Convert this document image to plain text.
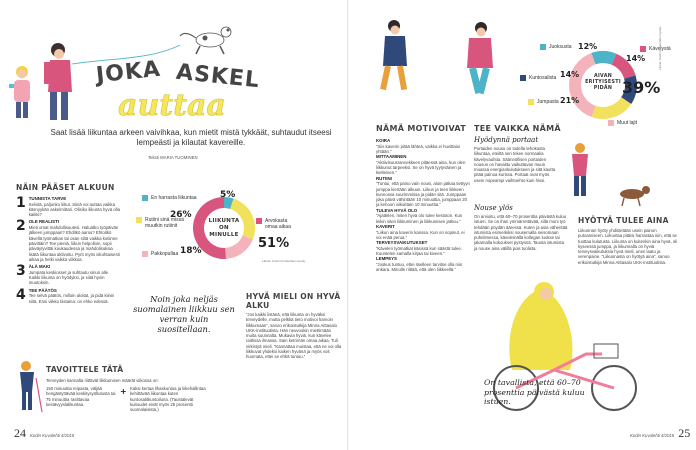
JOKA ASKEL
auttaa
Saat lisää liikuntaa arkeen vaivihkaa, kun mietit mistä tykkäät, suhtaudut itseesi lempeästi ja kilautat kavereille.
Teksti MARIA TUOMINEN
NÄIN PÄÄSET ALKUUN
1 TUNNISTA TARVE
Selvitä, paljonko liikut. Siinä voi auttaa vaikka käsnyykän askelmittari. Olisiko liikunta hyvä olla kaikki?
2 OLE REALISTI
Mieti omat mahdollisuutesi. Haluatko työpäivän jälkeen jumppaan? Ehditkö aamu? Ehtoitkö kävellä työmatkan tai osan siitä vaikka kotiinne päivittäin? Tee pieniä, liikun helpolloin, sopii päiväytyvittäi kuukaudessa ja mahdolisuksia lisätä liikuntaa aktivoitu. Pyrit myös iskohtaisesti aikaa ja hetki vaikka viikkoa.
3 ÄLÄ MAKI
Jumpata keskiosset ja suhtautu sinun alle. Kaikki liikunta on hyödyksi, ja siitä hyvin muutoksin.
4 TEE PÄÄTÖS
Tee selvä päätös, milloin aloitat, ja pidä kiinni siitä. Ensi viikko tiistaina: on ehko edessä.
En harrasta liikuntaa
Rutiini sinä missä muutkin rutiinit
Pakkopullaa
Arvokasta omaa aikaa
LIIKUNTA ON MINULLE
5%
26%
18%	51%
Lähde: Kodin Kuvalehden kysely
Noin joka neljäs suomalainen liikkuu sen verran kuin suositellaan.
HYVÄ MIELI ON HYVÄ ALKU
”Jos kaikki listänä, että liikunta on hyväksi terveydelle, mutta pelkkä tieto motivoi harvoin liikkumaan”, sanoo erikoistutkija Minna Aittasalo UKK-instituutista. Hän neuvookin miettimään muita suunnalta. Mukavia hyviä, kun kävelee raittissa ilmassa. Sain ketrimän omaa aikaa. Tuli virkistyä mieli. ”Kannattaa muistaa, että ne voi olla liikkuvat yhdeksi kaiken hyvänä ja myös voit huomata, ettei se ehkä tuntuu.”
TAVOITTELE TÄTÄ
Terveyden kannalta riittävät liikkumisen määrät viikossa on:
150 minuuttia reipasta, väljää hengästyttävää keskitysyöllutusta tai 75 minuuttia rasittavaa kestävyyslalikuntaa.
+ Kaksi kertaa lihaskuntoa ja liikehallintaa kehittävää liikuntaa kuten kuntosalitkuntoiluna. (Taustalevät kuituudet eivät myös 25 prosentti suomalaisista.)
24 Kodin Kuvalehti 4/2018
AIVAN ERITYISESTI PIDÄN
Juoksusta	Kävelystä
Kuntosalista
Jumpasta
Muut lajit
12%
14%
14%
21%
39%
Lähde: Kodin Kuvalehden kysely
NÄMÄ MOTIVOIVAT
KOIRA
”Siis kaverin pitää lähteä, vaikka ei huvittaisi yhtään.”
MITTAAMINEN
”Aktiivisuusrannekkeen pitäessä aina, kun olen liikkunut tarpeeksi. Se on hyvä tyytyväinen ja kielteinen.”
RUTIINI
”Tuntui, että paino vain nousi, aloin jatkaa tiettyyn jumppa kiertään alkuun. Liikun ja teen liikkeen kunnossa suurimmissa ja pidän sitä. Jumppaan joka päivä vähintään 10 minuuttia, jumppaan 20 ja kehoon viikoittain 10 minuuttia.”
TULEVA HYVÄ OLO
”Ajattelen, miten hyvä olo tulee kestoton. Kun leikin siten liikkuminen ja liikkumisen jatkuu.”
KAVERIT
”Liikun aina kaverin kanssa. Kun on sopinut, ei voi enää perua.”
TERVEYSVAIKUTUKSET
”Kävelen työmatkat käsissä kun säästä tulee. Kuuntelen samalla kirjaa tai kiveen.”
LEMPEYS
”Joskus tuntuu, ettei itselleen tarvitse olla niin ankara. Minulle riittää, että olen liikkeellä.”
TEE VAIKKA NÄMÄ
Hyödynnä portaat
Portaiden nousu on todella tehokasta liikuntaa, eteiltä sen tekee normaalia kävelyvauhtia. Säännöllisen portaiden nousun on havaittu vaikuttavan muun muassa energiankulutukseen ja sitä kautta pitää painoa kurissa. Portaat ovat myös usein nopeampi vaihtoehto kuin hissi.
Nouse ylös
On arvioitu, että 60–70 prosenttia päivästä kuluu istuen. Se on ihan ymmärrettävää, sillä moni työ tehdään pöydän ääressä. Kuten ja asia vähentää istumista esimerkiksi nousemalla seisomaan puhelimessa, kävelemällä kollegan luokse tai jakamalla kokoukset pystyssä. Tauota istumista ja nouse aina välillä pois tuolista.
HYÖTYÄ TULEE AINA
Liikunnan hyöty yhdistetään usein painon putoamiseen. Liikuntaa pitäisi harrastaa niin, että se tuottaa kulutusta. Liikunta on kuitenkin aina hyvä, oli kyseessä jumppa, ja liikunnalla on hyviä terveysvaikutuksia hyvä mieli, unen laatu ja verenpaine. ”Liikunnasta on hyötyä aina”, sanoo erikoistutkija Minna Aittasalo UKK-instituutista.
On tavallista, että 60–70 prosenttia päivästä kuluu istuen.
Kodin Kuvalehti 4/2018 25
